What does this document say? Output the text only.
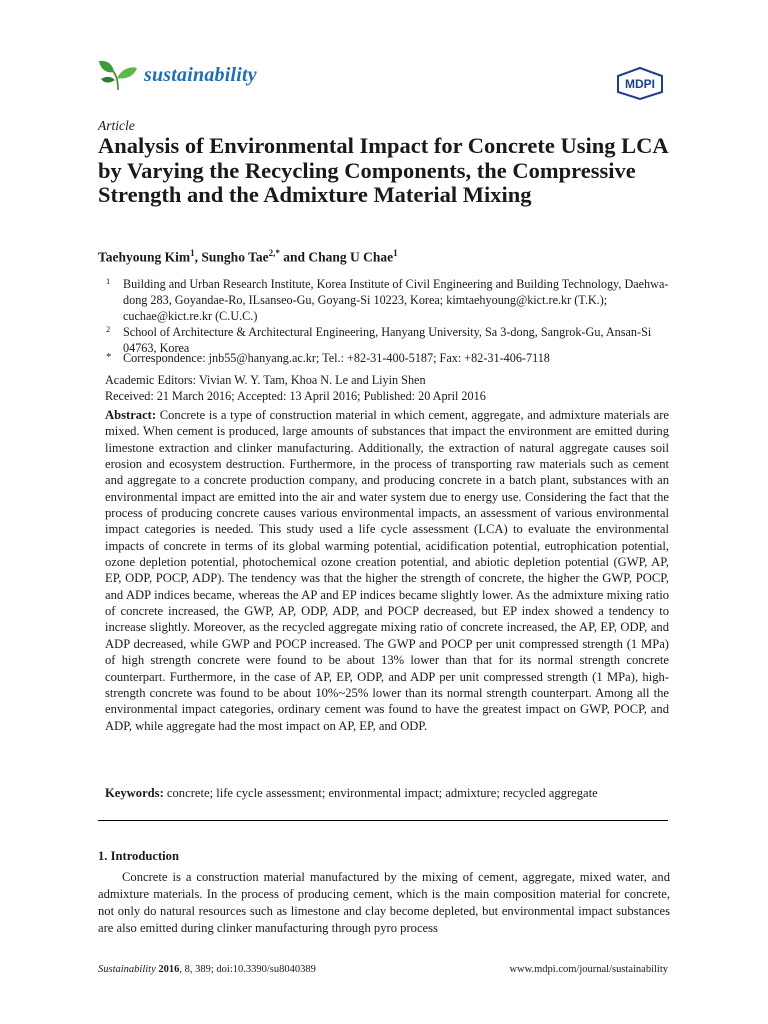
sustainability	MDPI
Article
Analysis of Environmental Impact for Concrete Using LCA by Varying the Recycling Components, the Compressive Strength and the Admixture Material Mixing
Taehyoung Kim$^1$, Sungho Tae$^{2,*}$ and Chang U Chae$^1$
1 Building and Urban Research Institute, Korea Institute of Civil Engineering and Building Technology, Daehwa-dong 283, Goyandae-Ro, ILsanseo-Gu, Goyang-Si 10223, Korea; kimtaehyoung@kict.re.kr (T.K.); cuchae@kict.re.kr (C.U.C.)
2 School of Architecture & Architectural Engineering, Hanyang University, Sa 3-dong, Sangrok-Gu, Ansan-Si 04763, Korea
* Correspondence: jnb55@hanyang.ac.kr; Tel.: +82-31-400-5187; Fax: +82-31-406-7118
Academic Editors: Vivian W. Y. Tam, Khoa N. Le and Liyin Shen
Received: 21 March 2016; Accepted: 13 April 2016; Published: 20 April 2016
Abstract: Concrete is a type of construction material in which cement, aggregate, and admixture materials are mixed. When cement is produced, large amounts of substances that impact the environment are emitted during limestone extraction and clinker manufacturing. Additionally, the extraction of natural aggregate causes soil erosion and ecosystem destruction. Furthermore, in the process of transporting raw materials such as cement and aggregate to a concrete production company, and producing concrete in a batch plant, substances with an environmental impact are emitted into the air and water system due to energy use. Considering the fact that the process of producing concrete causes various environmental impacts, an assessment of various environmental impact categories is needed. This study used a life cycle assessment (LCA) to evaluate the environmental impacts of concrete in terms of its global warming potential, acidification potential, eutrophication potential, ozone depletion potential, photochemical ozone creation potential, and abiotic depletion potential (GWP, AP, EP, ODP, POCP, ADP). The tendency was that the higher the strength of concrete, the higher the GWP, POCP, and ADP indices became, whereas the AP and EP indices became slightly lower. As the admixture mixing ratio of concrete increased, the GWP, AP, ODP, ADP, and POCP decreased, but EP index showed a tendency to increase slightly. Moreover, as the recycled aggregate mixing ratio of concrete increased, the AP, EP, ODP, and ADP decreased, while GWP and POCP increased. The GWP and POCP per unit compressed strength (1 MPa) of high strength concrete were found to be about 13% lower than that for its normal strength concrete counterpart. Furthermore, in the case of AP, EP, ODP, and ADP per unit compressed strength (1 MPa), high-strength concrete was found to be about 10%~25% lower than its normal strength counterpart. Among all the environmental impact categories, ordinary cement was found to have the greatest impact on GWP, POCP, and ADP, while aggregate had the most impact on AP, EP, and ODP.
Keywords: concrete; life cycle assessment; environmental impact; admixture; recycled aggregate
1. Introduction

Concrete is a construction material manufactured by the mixing of cement, aggregate, mixed water, and admixture materials. In the process of producing cement, which is the main composition material for concrete, not only do natural resources such as limestone and clay become depleted, but environmental impact substances are also emitted during clinker manufacturing through pyro process

Sustainability 2016, 8, 389; doi:10.3390/su8040389	www.mdpi.com/journal/sustainability
